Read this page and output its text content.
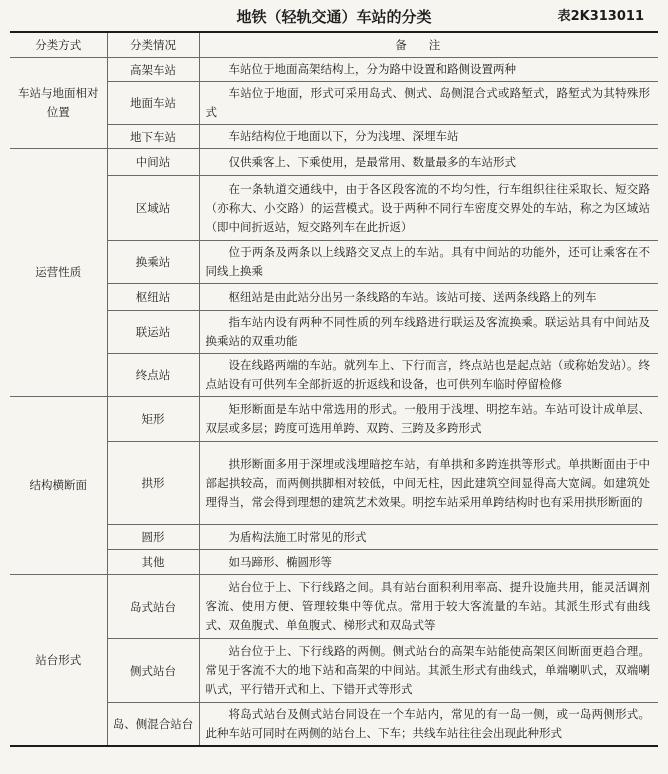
地铁（轻轨交通）车站的分类	表2K313011
分类方式	分类情况	备注
车站与地面相对位置	高架车站	车站位于地面高架结构上，分为路中设置和路侧设置两种
	地面车站	车站位于地面，形式可采用岛式、侧式、岛侧混合式或路堑式，路堑式为其特殊形式
	地下车站	车站结构位于地面以下，分为浅埋、深埋车站
运营性质	中间站	仅供乘客上、下乘使用，是最常用、数量最多的车站形式
	区域站	在一条轨道交通线中，由于各区段客流的不均匀性，行车组织往往采取长、短交路（亦称大、小交路）的运营模式。设于两种不同行车密度交界处的车站，称之为区域站（即中间折返站，短交路列车在此折返）
	换乘站	位于两条及两条以上线路交叉点上的车站。具有中间站的功能外，还可让乘客在不同线上换乘
	枢纽站	枢纽站是由此站分出另一条线路的车站。该站可接、送两条线路上的列车
	联运站	指车站内设有两种不同性质的列车线路进行联运及客流换乘。联运站具有中间站及换乘站的双重功能
	终点站	设在线路两端的车站。就列车上、下行而言，终点站也是起点站（或称始发站）。终点站设有可供列车全部折返的折返线和设备，也可供列车临时停留检修
结构横断面	矩形	矩形断面是车站中常选用的形式。一般用于浅埋、明挖车站。车站可设计成单层、双层或多层；跨度可选用单跨、双跨、三跨及多跨形式
	拱形	拱形断面多用于深埋或浅埋暗挖车站，有单拱和多跨连拱等形式。单拱断面由于中部起拱较高，而两侧拱脚相对较低，中间无柱，因此建筑空间显得高大宽阔。如建筑处理得当，常会得到理想的建筑艺术效果。明挖车站采用单跨结构时也有采用拱形断面的
	圆形	为盾构法施工时常见的形式
	其他	如马蹄形、椭圆形等
站台形式	岛式站台	站台位于上、下行线路之间。具有站台面积利用率高、提升设施共用，能灵活调剂客流、使用方便、管理较集中等优点。常用于较大客流量的车站。其派生形式有曲线式、双鱼腹式、单鱼腹式、梯形式和双岛式等
	侧式站台	站台位于上、下行线路的两侧。侧式站台的高架车站能使高架区间断面更趋合理。常见于客流不大的地下站和高架的中间站。其派生形式有曲线式，单端喇叭式，双端喇叭式，平行错开式和上、下错开式等形式
	岛、侧混合站台	将岛式站台及侧式站台同设在一个车站内，常见的有一岛一侧，或一岛两侧形式。此种车站可同时在两侧的站台上、下车；共线车站往往会出现此种形式
